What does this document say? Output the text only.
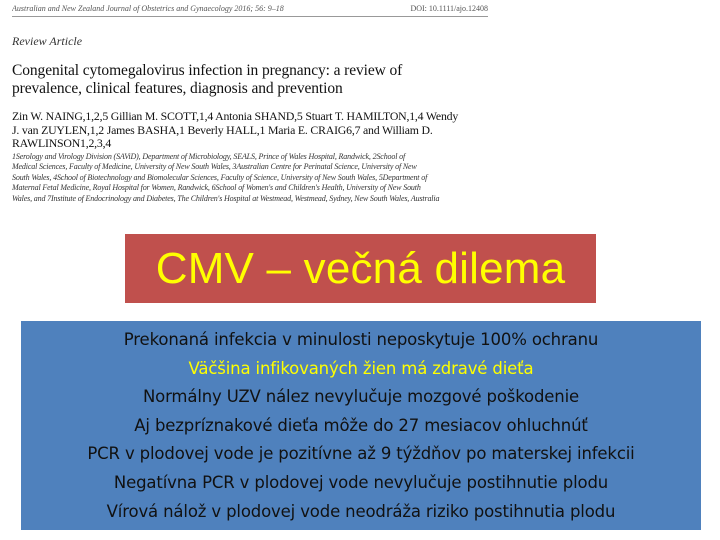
Australian and New Zealand Journal of Obstetrics and Gynaecology 2016; 56: 9–18	DOI: 10.1111/ajo.12408
Review Article
Congenital cytomegalovirus infection in pregnancy: a review of
prevalence, clinical features, diagnosis and prevention
Zin W. NAING,1,2,5 Gillian M. SCOTT,1,4 Antonia SHAND,5 Stuart T. HAMILTON,1,4 Wendy
J. van ZUYLEN,1,2 James BASHA,1 Beverly HALL,1 Maria E. CRAIG6,7 and William D.
RAWLINSON1,2,3,4
1Serology and Virology Division (SAViD), Department of Microbiology, SEALS, Prince of Wales Hospital, Randwick, 2School of
Medical Sciences, Faculty of Medicine, University of New South Wales, 3Australian Centre for Perinatal Science, University of New
South Wales, 4School of Biotechnology and Biomolecular Sciences, Faculty of Science, University of New South Wales, 5Department of
Maternal Fetal Medicine, Royal Hospital for Women, Randwick, 6School of Women's and Children's Health, University of New South
Wales, and 7Institute of Endocrinology and Diabetes, The Children's Hospital at Westmead, Westmead, Sydney, New South Wales, Australia
CMV – večná dilema
Prekonaná infekcia v minulosti neposkytuje 100% ochranu
Väčšina infikovaných žien má zdravé dieťa
Normálny UZV nález nevylučuje mozgové poškodenie
Aj bezpríznakové dieťa môže do 27 mesiacov ohluchnúť
PCR v plodovej vode je pozitívne až 9 týždňov po materskej infekcii
Negatívna PCR v plodovej vode nevylučuje postihnutie plodu
Vírová nálož v plodovej vode neodráža riziko postihnutia plodu
